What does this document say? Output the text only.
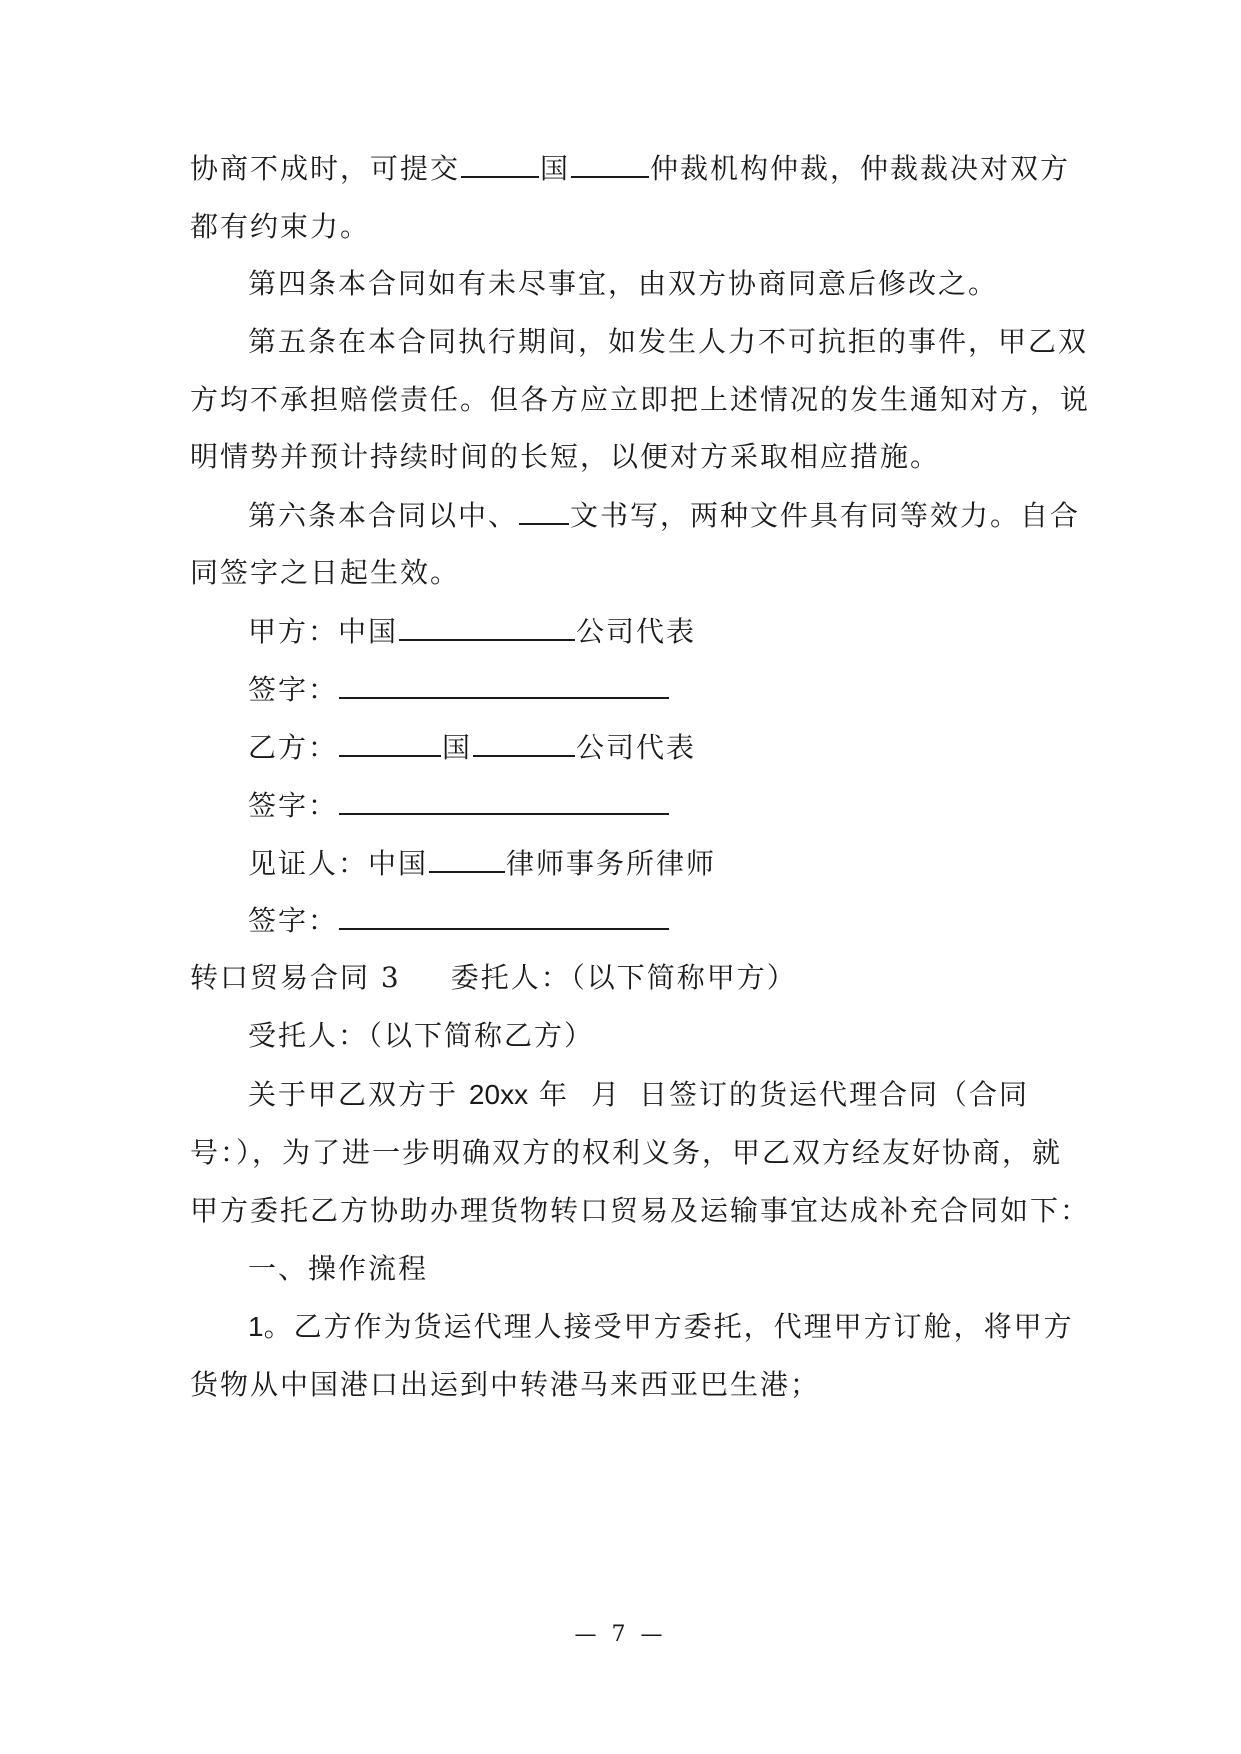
协商不成时，可提交	国	仲裁机构仲裁，仲裁裁决对双方
都有约束力。
第四条本合同如有未尽事宜，由双方协商同意后修改之。
第五条在本合同执行期间，如发生人力不可抗拒的事件，甲乙双
方均不承担赔偿责任。但各方应立即把上述情况的发生通知对方，说
明情势并预计持续时间的长短，以便对方采取相应措施。
第六条本合同以中、 文书写，两种文件具有同等效力。自合
同签字之日起生效。
甲方：中国	公司代表
签字：
乙方：	国	公司代表
签字：
见证人：中国	律师事务所律师
签字：
转口贸易合同 3 委托人：（以下简称甲方）
受托人：（以下简称乙方）
关于甲乙双方于 20xx 年 月 日签订的货运代理合同（合同
号：），为了进一步明确双方的权利义务，甲乙双方经友好协商，就
甲方委托乙方协助办理货物转口贸易及运输事宜达成补充合同如下：
一、操作流程
1。乙方作为货运代理人接受甲方委托，代理甲方订舱，将甲方
货物从中国港口出运到中转港马来西亚巴生港；
— 7 —
